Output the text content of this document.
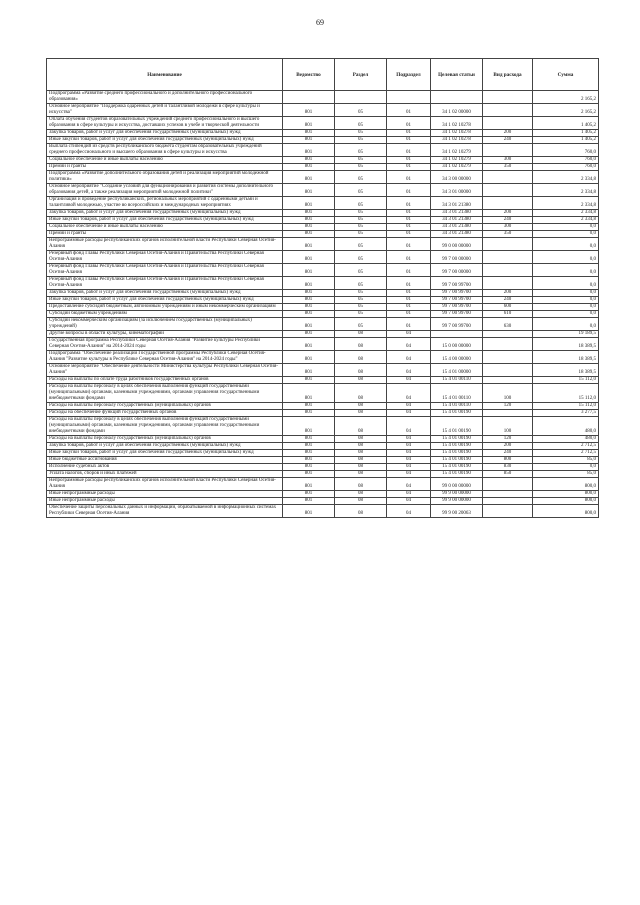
69
Наименование	Ведомство	Раздел	Подраздел	Целевая статьи	Вид расхода	Сумма
Подпрограмма «Развитие среднего профессионального и дополнительного профессионального образования»						2 165,2
Основное мероприятие "Поддержка одаренных детей и талантливой молодежи в сфере культуры и искусства"	801	05	01	34 1 02 00000		2 165,2
Оплата обучения студентов образовательных учреждений среднего профессионального и высшего образования в сфере культуры и искусства, доставших успехов в учебе и творческой деятельности	801	05	01	34 1 02 10278		1 405,2
Закупка товаров, работ и услуг для обеспечения государственных (муниципальных) нужд	801	05	01	34 1 02 10278	200	1 405,2
Иные закупки товаров, работ и услуг для обеспечения государственных (муниципальных) нужд	801	05	01	34 1 02 10278	240	1 405,2
Выплата стипендий из средств республиканского бюджета студентам образовательных учреждений среднего профессионального и высшего образования в сфере культуры и искусства	801	05	01	34 1 02 10279		760,0
Социальное обеспечение и иные выплаты населению	801	05	01	34 1 02 10279	300	760,0
Премии и гранты	801	05	01	34 1 02 10279	350	760,0
Подпрограмма «Развитие дополнительного образования детей и реализация мероприятий молодежной политики»	801	05	01	34 3 00 00000		2 334,8
Основное мероприятие "Создание условий для функционирования и развития системы дополнительного образования детей, а также реализация мероприятий молодежной политики"	801	05	01	34 3 01 00000		2 334,8
Организация и проведение республиканских, региональных мероприятий с одаренными детьми и талантливой молодежью, участие во всероссийских и международных мероприятиях	801	05	01	34 3 01 21380		2 334,8
Закупка товаров, работ и услуг для обеспечения государственных (муниципальных) нужд	801	05	01	34 3 01 21380	200	2 334,8
Иные закупки товаров, работ и услуг для обеспечения государственных (муниципальных) нужд	801	05	01	34 3 01 21380	240	2 334,8
Социальное обеспечение и иные выплаты населению	801	05	01	34 3 01 21380	300	0,0
Премии и гранты	801	05	01	34 3 01 21380	350	0,0
Непрограммные расходы республиканских органов исполнительной власти Республики Северная Осетия-Алания	801	05	01	99 0 00 00000		0,0
Резервный фонд Главы Республики Северная Осетия-Алания и Правительства Республики Северная Осетия-Алания	801	05	01	99 7 00 00000		0,0
Резервный фонд Главы Республики Северная Осетия-Алания и Правительства Республики Северная Осетия-Алания	801	05	01	99 7 00 00000		0,0
Резервный фонд Главы Республики Северная Осетия-Алания и Правительства Республики Северная Осетия-Алания	801	05	01	99 7 00 99700		0,0
Закупка товаров, работ и услуг для обеспечения государственных (муниципальных) нужд	801	05	01	99 7 00 99700	200	0,0
Иные закупки товаров, работ и услуг для обеспечения государственных (муниципальных) нужд	801	05	01	99 7 00 99700	240	0,0
Предоставление субсидий бюджетным, автономным учреждениям и иным некоммерческим организациям	801	05	01	99 7 00 99700	600	0,0
Субсидии бюджетным учреждениям	801	05	01	99 7 00 99700	610	0,0
Субсидии некоммерческим организациям (за исключением государственных (муниципальных) учреждений)	801	05	01	99 7 00 99700	630	0,0
Другие вопросы в области культуры, кинематографии	801	08	04			19 189,5
Государственная программа Республики Северная Осетия-Алания "Развитие культуры Республики Северная Осетия-Алания" на 2014-2024 годы	801	08	04	15 0 00 00000		18 389,5
Подпрограмма "Обеспечение реализации Государственной программы Республики Северная Осетия-Алания "Развитие культуры в Республике Северная Осетия-Алания" на 2014-2024 годы"	801	08	04	15 4 00 00000		18 389,5
Основное мероприятие "Обеспечение деятельности Министерства культуры Республики Северная Осетия-Алания"	801	08	04	15 4 01 00000		18 389,5
Расходы на выплаты по оплате труда работников государственных органов	801	08	04	15 4 01 00110		15 112,0
Расходы на выплаты персоналу в целях обеспечения выполнения функций государственными (муниципальными) органами, казенными учреждениями, органами управления государственными внебюджетными фондами	801	08	04	15 4 01 00110	100	15 112,0
Расходы на выплаты персоналу государственных (муниципальных) органов	801	08	04	15 4 01 00110	120	15 112,0
Расходы на обеспечение функций государственных органов	801	08	04	15 4 01 00190		3 277,5
Расходы на выплаты персоналу в целях обеспечения выполнения функций государственными (муниципальными) органами, казенными учреждениями, органами управления государственными внебюджетными фондами	801	08	04	15 4 01 00190	100	480,0
Расходы на выплаты персоналу государственных (муниципальных) органов	801	08	04	15 4 01 00190	120	480,0
Закупка товаров, работ и услуг для обеспечения государственных (муниципальных) нужд	801	08	04	15 4 01 00190	200	2 712,5
Иные закупки товаров, работ и услуг для обеспечения государственных (муниципальных) нужд	801	08	04	15 4 01 00190	240	2 712,5
Иные бюджетные ассигнования	801	08	04	15 4 01 00190	800	85,0
Исполнение судебных актов	801	08	04	15 4 01 00190	830	0,0
Уплата налогов, сборов и иных платежей	801	08	04	15 4 01 00190	850	85,0
Непрограммные расходы республиканских органов исполнительной власти Республики Северная Осетия-Алания	801	08	04	99 0 00 00000		800,0
Иные непрограммные расходы	801	08	04	99 9 00 00000		800,0
Иные непрограммные расходы	801	08	04	99 9 00 00000		800,0
Обеспечение защиты персональных данных и информации, обрабатываемой в информационных системах Республики Северная Осетия-Алания	801	08	04	99 9 00 20063		800,0
